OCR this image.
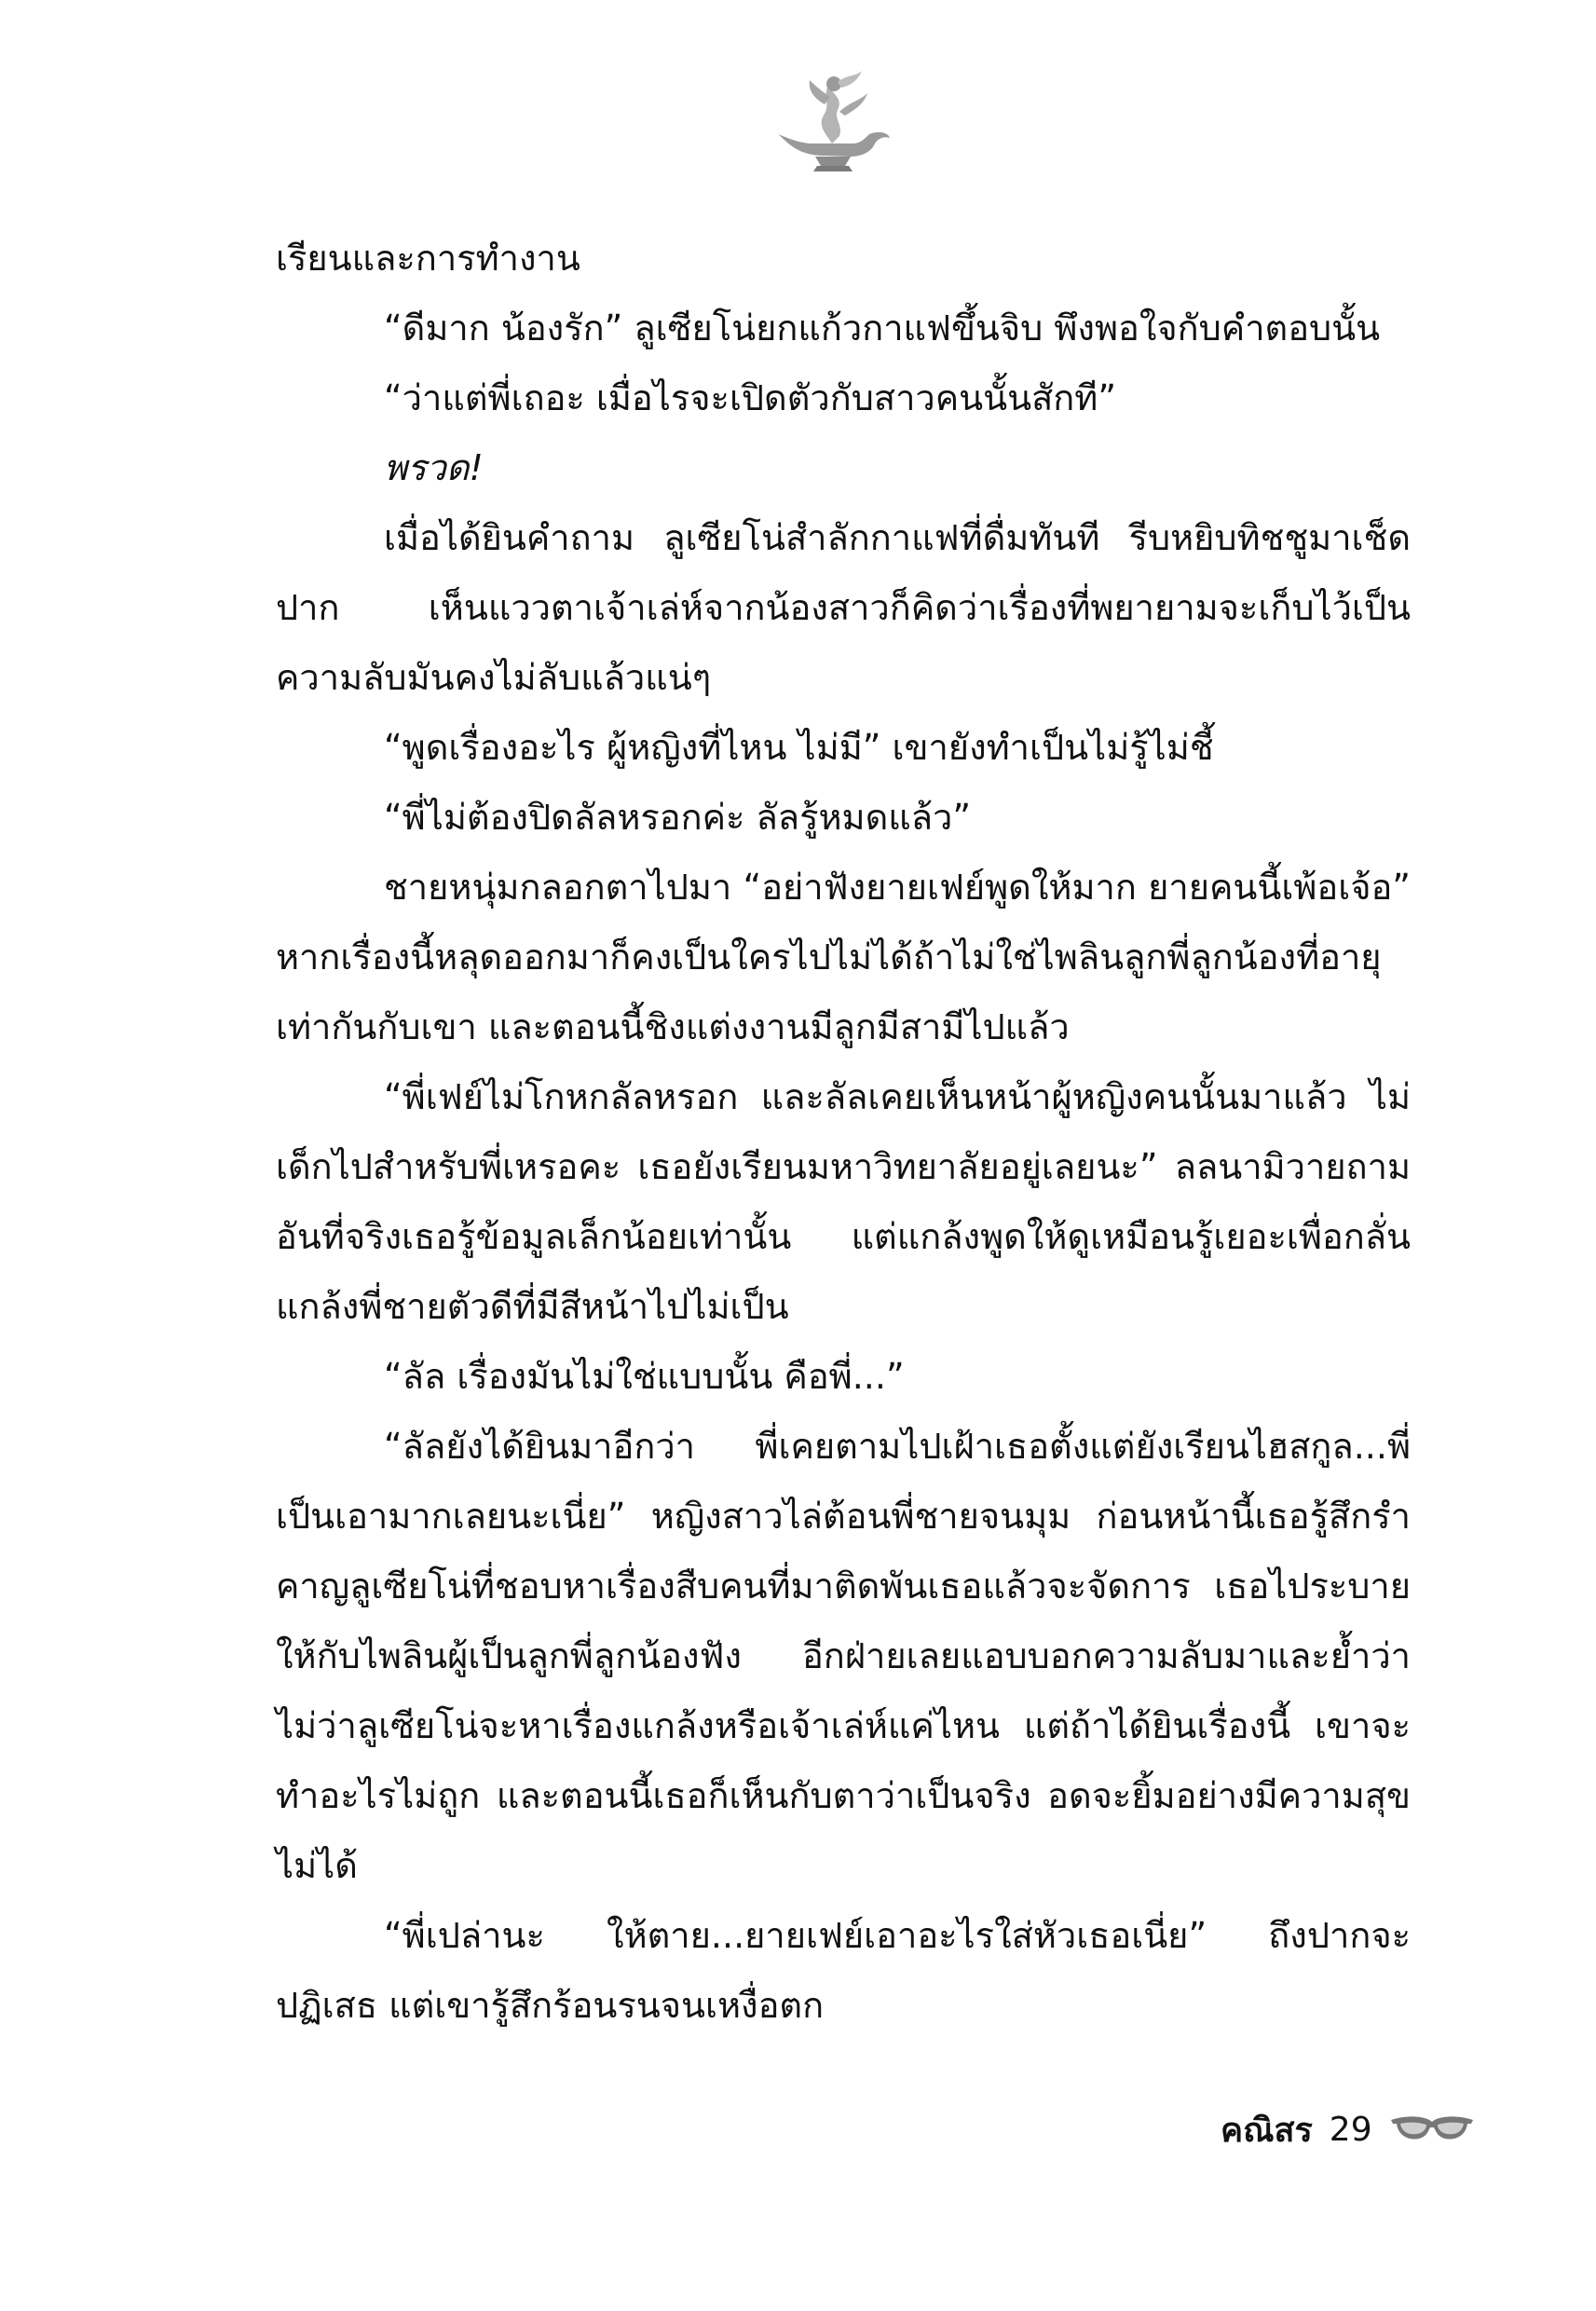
เรียนและการทำงาน

“ดีมาก น้องรัก” ลูเซียโน่ยกแก้วกาแฟขึ้นจิบ พึงพอใจกับคำตอบนั้น

“ว่าแต่พี่เถอะ เมื่อไรจะเปิดตัวกับสาวคนนั้นสักที”

พรวด!

เมื่อได้ยินคำถาม ลูเซียโน่สำลักกาแฟที่ดื่มทันที รีบหยิบทิชชูมาเช็ดปาก เห็นแววตาเจ้าเล่ห์จากน้องสาวก็คิดว่าเรื่องที่พยายามจะเก็บไว้เป็นความลับมันคงไม่ลับแล้วแน่ๆ

“พูดเรื่องอะไร ผู้หญิงที่ไหน ไม่มี” เขายังทำเป็นไม่รู้ไม่ชี้

“พี่ไม่ต้องปิดลัลหรอกค่ะ ลัลรู้หมดแล้ว”

ชายหนุ่มกลอกตาไปมา “อย่าฟังยายเฟย์พูดให้มาก ยายคนนี้เพ้อเจ้อ” หากเรื่องนี้หลุดออกมาก็คงเป็นใครไปไม่ได้ถ้าไม่ใช่ไพลินลูกพี่ลูกน้องที่อายุเท่ากันกับเขา และตอนนี้ชิงแต่งงานมีลูกมีสามีไปแล้ว

“พี่เฟย์ไม่โกหกลัลหรอก และลัลเคยเห็นหน้าผู้หญิงคนนั้นมาแล้ว ไม่เด็กไปสำหรับพี่เหรอคะ เธอยังเรียนมหาวิทยาลัยอยู่เลยนะ” ลลนามิวายถาม อันที่จริงเธอรู้ข้อมูลเล็กน้อยเท่านั้น แต่แกล้งพูดให้ดูเหมือนรู้เยอะเพื่อกลั่นแกล้งพี่ชายตัวดีที่มีสีหน้าไปไม่เป็น

“ลัล เรื่องมันไม่ใช่แบบนั้น คือพี่...”

“ลัลยังได้ยินมาอีกว่า พี่เคยตามไปเฝ้าเธอตั้งแต่ยังเรียนไฮสกูล...พี่เป็นเอามากเลยนะเนี่ย” หญิงสาวไล่ต้อนพี่ชายจนมุม ก่อนหน้านี้เธอรู้สึกรำคาญลูเซียโน่ที่ชอบหาเรื่องสืบคนที่มาติดพันเธอแล้วจะจัดการ เธอไประบายให้กับไพลินผู้เป็นลูกพี่ลูกน้องฟัง อีกฝ่ายเลยแอบบอกความลับมาและย้ำว่า ไม่ว่าลูเซียโน่จะหาเรื่องแกล้งหรือเจ้าเล่ห์แค่ไหน แต่ถ้าได้ยินเรื่องนี้ เขาจะทำอะไรไม่ถูก และตอนนี้เธอก็เห็นกับตาว่าเป็นจริง อดจะยิ้มอย่างมีความสุขไม่ได้

“พี่เปล่านะ ให้ตาย...ยายเฟย์เอาอะไรใส่หัวเธอเนี่ย” ถึงปากจะปฏิเสธ แต่เขารู้สึกร้อนรนจนเหงื่อตก

คณิสร 29
